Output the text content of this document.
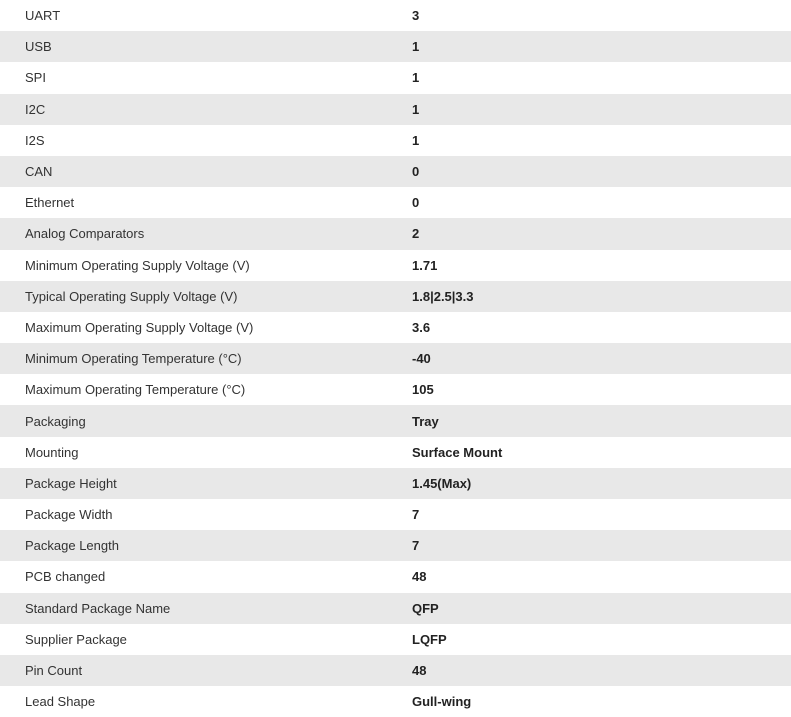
UART	3
USB	1
SPI	1
I2C	1
I2S	1
CAN	0
Ethernet	0
Analog Comparators	2
Minimum Operating Supply Voltage (V)	1.71
Typical Operating Supply Voltage (V)	1.8|2.5|3.3
Maximum Operating Supply Voltage (V)	3.6
Minimum Operating Temperature (°C)	-40
Maximum Operating Temperature (°C)	105
Packaging	Tray
Mounting	Surface Mount
Package Height	1.45(Max)
Package Width	7
Package Length	7
PCB changed	48
Standard Package Name	QFP
Supplier Package	LQFP
Pin Count	48
Lead Shape	Gull-wing
